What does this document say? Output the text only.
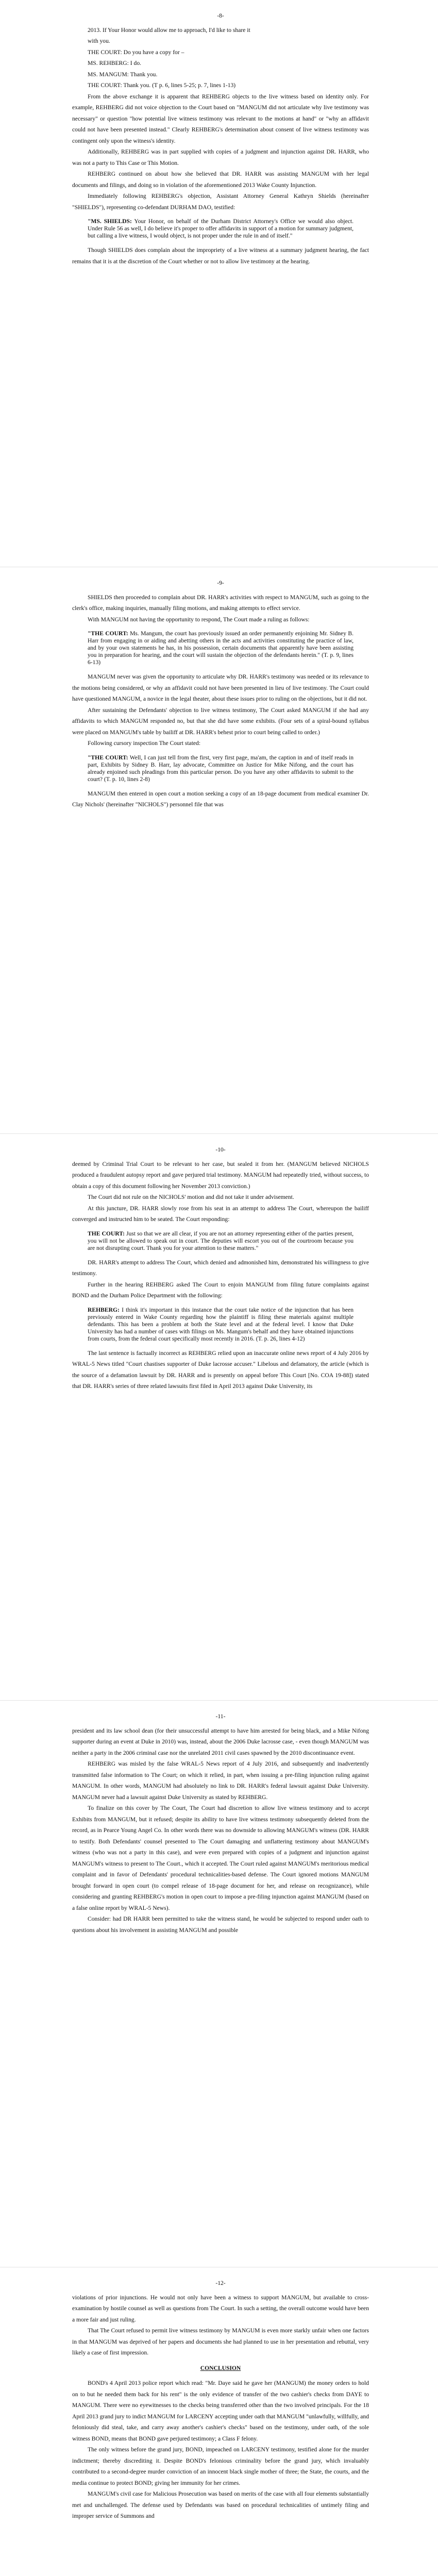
-8-
2013. If Your Honor would allow me to approach, I'd like to share it
with you.
THE COURT: Do you have a copy for –
MS. REHBERG: I do.
MS. MANGUM: Thank you.
THE COURT: Thank you. (T p. 6, lines 5-25; p. 7, lines 1-13)

From the above exchange it is apparent that REHBERG objects to the live witness based on identity only. For example, REHBERG did not voice objection to the Court based on "MANGUM did not articulate why live testimony was necessary" or question "how potential live witness testimony was relevant to the motions at hand" or "why an affidavit could not have been presented instead." Clearly REHBERG's determination about consent of live witness testimony was contingent only upon the witness's identity.

Additionally, REHBERG was in part supplied with copies of a judgment and injunction against DR. HARR, who was not a party to This Case or This Motion.

REHBERG continued on about how she believed that DR. HARR was assisting MANGUM with her legal documents and filings, and doing so in violation of the aforementioned 2013 Wake County Injunction.

Immediately following REHBERG's objection, Assistant Attorney General Kathryn Shields (hereinafter "SHIELDS"), representing co-defendant DURHAM DAO, testified:

"MS. SHIELDS: Your Honor, on behalf of the Durham District Attorney's Office we would also object. Under Rule 56 as well, I do believe it's proper to offer affidavits in support of a motion for summary judgment, but calling a live witness, I would object, is not proper under the rule in and of itself."

Though SHIELDS does complain about the impropriety of a live witness at a summary judgment hearing, the fact remains that it is at the discretion of the Court whether or not to allow live testimony at the hearing.

-9-

SHIELDS then proceeded to complain about DR. HARR's activities with respect to MANGUM, such as going to the clerk's office, making inquiries, manually filing motions, and making attempts to effect service.

With MANGUM not having the opportunity to respond, The Court made a ruling as follows:

"THE COURT: Ms. Mangum, the court has previously issued an order permanently enjoining Mr. Sidney B. Harr from engaging in or aiding and abetting others in the acts and activities constituting the practice of law, and by your own statements he has, in his possession, certain documents that apparently have been assisting you in preparation for hearing, and the court will sustain the objection of the defendants herein." (T. p. 9, lines 6-13)

MANGUM never was given the opportunity to articulate why DR. HARR's testimony was needed or its relevance to the motions being considered, or why an affidavit could not have been presented in lieu of live testimony. The Court could have questioned MANGUM, a novice in the legal theater, about these issues prior to ruling on the objections, but it did not.

After sustaining the Defendants' objection to live witness testimony, The Court asked MANGUM if she had any affidavits to which MANGUM responded no, but that she did have some exhibits. (Four sets of a spiral-bound syllabus were placed on MANGUM's table by bailiff at DR. HARR's behest prior to court being called to order.)

Following cursory inspection The Court stated:

"THE COURT: Well, I can just tell from the first, very first page, ma'am, the caption in and of itself reads in part, Exhibits by Sidney B. Harr, lay advocate, Committee on Justice for Mike Nifong, and the court has already enjoined such pleadings from this particular person. Do you have any other affidavits to submit to the court? (T. p. 10, lines 2-8)

MANGUM then entered in open court a motion seeking a copy of an 18-page document from medical examiner Dr. Clay Nichols' (hereinafter "NICHOLS") personnel file that was

-10-

deemed by Criminal Trial Court to be relevant to her case, but sealed it from her. (MANGUM believed NICHOLS produced a fraudulent autopsy report and gave perjured trial testimony. MANGUM had repeatedly tried, without success, to obtain a copy of this document following her November 2013 conviction.)

The Court did not rule on the NICHOLS' motion and did not take it under advisement.

At this juncture, DR. HARR slowly rose from his seat in an attempt to address The Court, whereupon the bailiff converged and instructed him to be seated. The Court responding:

THE COURT: Just so that we are all clear, if you are not an attorney representing either of the parties present, you will not be allowed to speak out in court. The deputies will escort you out of the courtroom because you are not disrupting court. Thank you for your attention to these matters."

DR. HARR's attempt to address The Court, which denied and admonished him, demonstrated his willingness to give testimony.

Further in the hearing REHBERG asked The Court to enjoin MANGUM from filing future complaints against BOND and the Durham Police Department with the following:

REHBERG: I think it's important in this instance that the court take notice of the injunction that has been previously entered in Wake County regarding how the plaintiff is filing these materials against multiple defendants. This has been a problem at both the State level and at the federal level. I know that Duke University has had a number of cases with filings on Ms. Mangum's behalf and they have obtained injunctions from courts, from the federal court specifically most recently in 2016. (T. p. 26, lines 4-12)

The last sentence is factually incorrect as REHBERG relied upon an inaccurate online news report of 4 July 2016 by WRAL-5 News titled "Court chastises supporter of Duke lacrosse accuser." Libelous and defamatory, the article (which is the source of a defamation lawsuit by DR. HARR and is presently on appeal before This Court [No. COA 19-88]) stated that DR. HARR's series of three related lawsuits first filed in April 2013 against Duke University, its

-11-

president and its law school dean (for their unsuccessful attempt to have him arrested for being black, and a Mike Nifong supporter during an event at Duke in 2010) was, instead, about the 2006 Duke lacrosse case, - even though MANGUM was neither a party in the 2006 criminal case nor the unrelated 2011 civil cases spawned by the 2010 discontinuance event.

REHBERG was misled by the false WRAL-5 News report of 4 July 2016, and subsequently and inadvertently transmitted false information to The Court; on which it relied, in part, when issuing a pre-filing injunction ruling against MANGUM. In other words, MANGUM had absolutely no link to DR. HARR's federal lawsuit against Duke University. MANGUM never had a lawsuit against Duke University as stated by REHBERG.

To finalize on this cover by The Court, The Court had discretion to allow live witness testimony and to accept Exhibits from MANGUM, but it refused; despite its ability to have live witness testimony subsequently deleted from the record, as in Pearce Young Angel Co. In other words there was no downside to allowing MANGUM's witness (DR. HARR to testify. Both Defendants' counsel presented to The Court damaging and unflattering testimony about MANGUM's witness (who was not a party in this case), and were even prepared with copies of a judgment and injunction against MANGUM's witness to present to The Court., which it accepted. The Court ruled against MANGUM's meritorious medical complaint and in favor of Defendants' procedural technicalities-based defense. The Court ignored motions MANGUM brought forward in open court (to compel release of 18-page document for her, and release on recognizance), while considering and granting REHBERG's motion in open court to impose a pre-filing injunction against MANGUM (based on a false online report by WRAL-5 News).

Consider: had DR HARR been permitted to take the witness stand, he would be subjected to respond under oath to questions about his involvement in assisting MANGUM and possible

-12-

violations of prior injunctions. He would not only have been a witness to support MANGUM, but available to cross-examination by hostile counsel as well as questions from The Court. In such a setting, the overall outcome would have been a more fair and just ruling.

That The Court refused to permit live witness testimony by MANGUM is even more starkly unfair when one factors in that MANGUM was deprived of her papers and documents she had planned to use in her presentation and rebuttal, very likely a case of first impression.

CONCLUSION

BOND's 4 April 2013 police report which read: "Mr. Daye said he gave her (MANGUM) the money orders to hold on to but he needed them back for his rent" is the only evidence of transfer of the two cashier's checks from DAYE to MANGUM. There were no eyewitnesses to the checks being transferred other than the two involved principals. For the 18 April 2013 grand jury to indict MANGUM for LARCENY accepting under oath that MANGUM "unlawfully, willfully, and feloniously did steal, take, and carry away another's cashier's checks" based on the testimony, under oath, of the sole witness BOND, means that BOND gave perjured testimony; a Class F felony.

The only witness before the grand jury, BOND, impeached on LARCENY testimony, testified alone for the murder indictment; thereby discrediting it. Despite BOND's felonious criminality before the grand jury, which invaluably contributed to a second-degree murder conviction of an innocent black single mother of three; the State, the courts, and the media continue to protect BOND; giving her immunity for her crimes.

MANGUM's civil case for Malicious Prosecution was based on merits of the case with all four elements substantially met and unchallenged. The defense used by Defendants was based on procedural technicalities of untimely filing and improper service of Summons and
